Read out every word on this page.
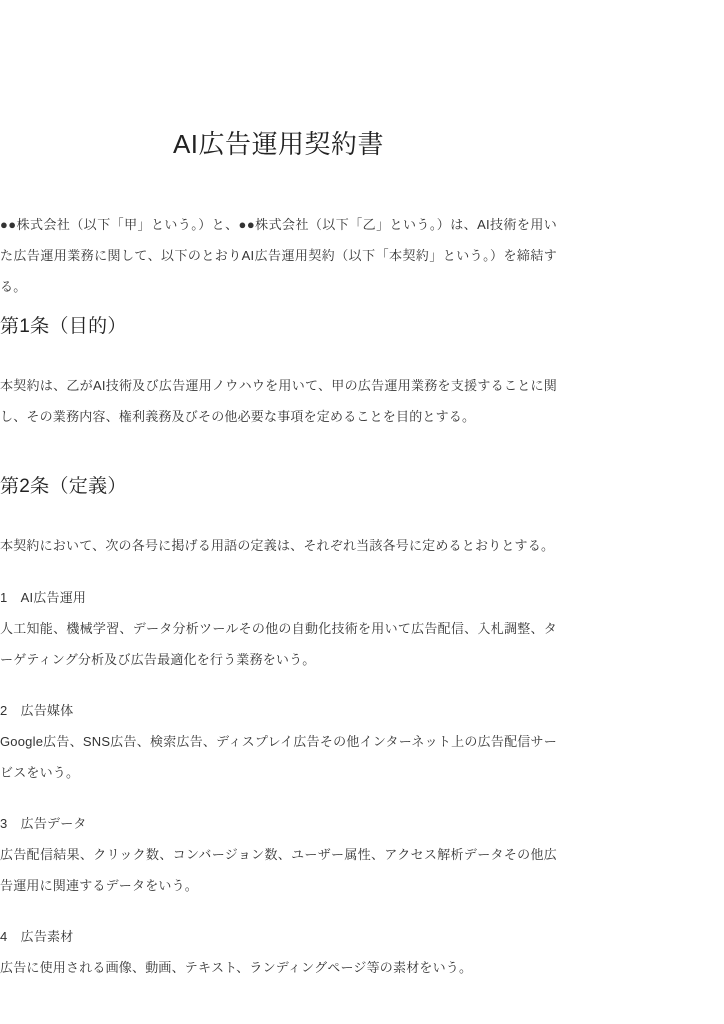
AI広告運用契約書

●●株式会社（以下「甲」という。）と、●●株式会社（以下「乙」という。）は、AI技術を用いた広告運用業務に関して、以下のとおりAI広告運用契約（以下「本契約」という。）を締結する。

第1条（目的）

本契約は、乙がAI技術及び広告運用ノウハウを用いて、甲の広告運用業務を支援することに関し、その業務内容、権利義務及びその他必要な事項を定めることを目的とする。

第2条（定義）

本契約において、次の各号に掲げる用語の定義は、それぞれ当該各号に定めるとおりとする。

1　AI広告運用

人工知能、機械学習、データ分析ツールその他の自動化技術を用いて広告配信、入札調整、ターゲティング分析及び広告最適化を行う業務をいう。

2　広告媒体

Google広告、SNS広告、検索広告、ディスプレイ広告その他インターネット上の広告配信サービスをいう。

3　広告データ

広告配信結果、クリック数、コンバージョン数、ユーザー属性、アクセス解析データその他広告運用に関連するデータをいう。

4　広告素材

広告に使用される画像、動画、テキスト、ランディングページ等の素材をいう。
